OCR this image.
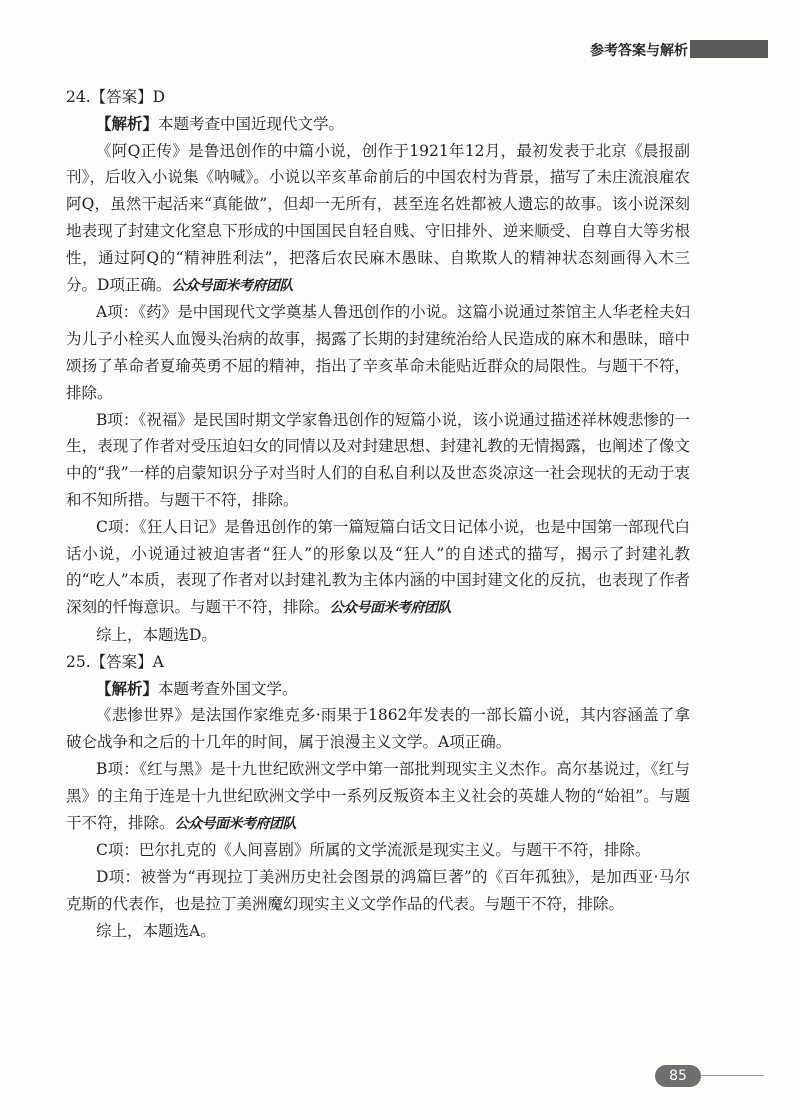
参考答案与解析

24.【答案】D

【解析】本题考查中国近现代文学。

《阿Q正传》是鲁迅创作的中篇小说，创作于1921年12月，最初发表于北京《晨报副刊》，后收入小说集《呐喊》。小说以辛亥革命前后的中国农村为背景，描写了未庄流浪雇农阿Q，虽然干起活来“真能做”，但却一无所有，甚至连名姓都被人遗忘的故事。该小说深刻地表现了封建文化窒息下形成的中国国民自轻自贱、守旧排外、逆来顺受、自尊自大等劣根性，通过阿Q的“精神胜利法”，把落后农民麻木愚昧、自欺欺人的精神状态刻画得入木三分。D项正确。公众号面米考府团队

A项：《药》是中国现代文学奠基人鲁迅创作的小说。这篇小说通过茶馆主人华老栓夫妇为儿子小栓买人血馒头治病的故事，揭露了长期的封建统治给人民造成的麻木和愚昧，暗中颂扬了革命者夏瑜英勇不屈的精神，指出了辛亥革命未能贴近群众的局限性。与题干不符，排除。

B项：《祝福》是民国时期文学家鲁迅创作的短篇小说，该小说通过描述祥林嫂悲惨的一生，表现了作者对受压迫妇女的同情以及对封建思想、封建礼教的无情揭露，也阐述了像文中的“我”一样的启蒙知识分子对当时人们的自私自利以及世态炎凉这一社会现状的无动于衷和不知所措。与题干不符，排除。

C项：《狂人日记》是鲁迅创作的第一篇短篇白话文日记体小说，也是中国第一部现代白话小说，小说通过被迫害者“狂人”的形象以及“狂人”的自述式的描写，揭示了封建礼教的“吃人”本质，表现了作者对以封建礼教为主体内涵的中国封建文化的反抗，也表现了作者深刻的忏悔意识。与题干不符，排除。公众号面米考府团队

综上，本题选D。

25.【答案】A

【解析】本题考查外国文学。

《悲惨世界》是法国作家维克多·雨果于1862年发表的一部长篇小说，其内容涵盖了拿破仑战争和之后的十几年的时间，属于浪漫主义文学。A项正确。

B项：《红与黑》是十九世纪欧洲文学中第一部批判现实主义杰作。高尔基说过，《红与黑》的主角于连是十九世纪欧洲文学中一系列反叛资本主义社会的英雄人物的“始祖”。与题干不符，排除。公众号面米考府团队

C项：巴尔扎克的《人间喜剧》所属的文学流派是现实主义。与题干不符，排除。

D项：被誉为“再现拉丁美洲历史社会图景的鸿篇巨著”的《百年孤独》，是加西亚·马尔克斯的代表作，也是拉丁美洲魔幻现实主义文学作品的代表。与题干不符，排除。

综上，本题选A。

85
